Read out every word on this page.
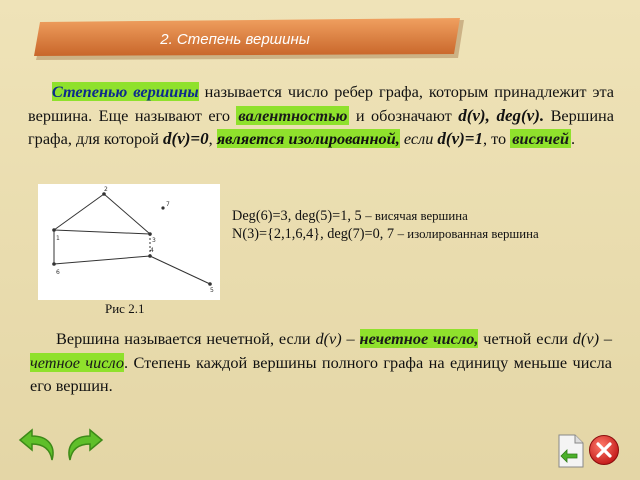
2. Степень вершины
Степенью вершины называется число ребер графа, которым принадлежит эта вершина. Еще называют его валентностью и обозначают d(v), deg(v). Вершина графа, для которой d(v)=0, является изолированной, если d(v)=1, то висячей .
1
2
3
4
5
6
7
Рис 2.1
Deg(6)=3, deg(5)=1, 5 – висячая вершина
N(3)={2,1,6,4}, deg(7)=0, 7 – изолированная вершина
Вершина называется нечетной, если d(v) – нечетное число, четной если d(v) – четное число. Степень каждой вершины полного графа на единицу меньше числа его вершин.
